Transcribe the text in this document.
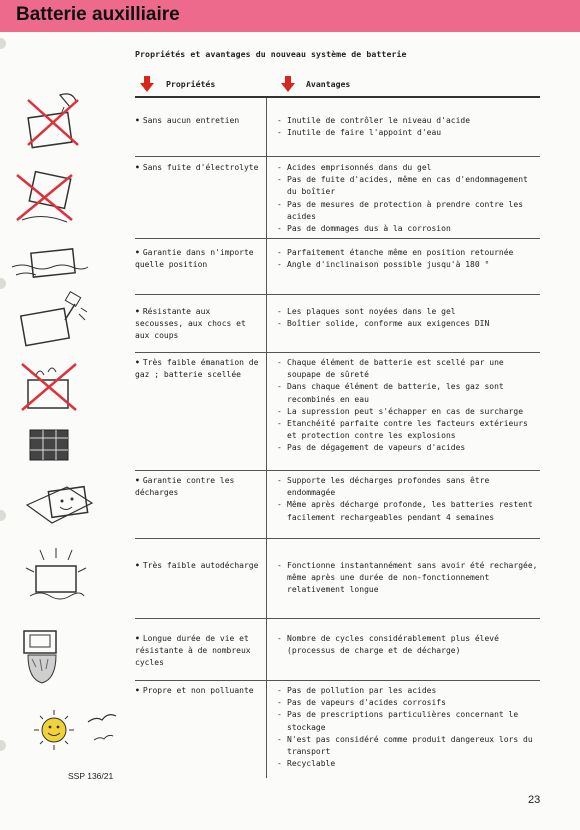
Batterie auxilliaire
Propriétés et avantages du nouveau système de batterie
Propriétés	Avantages
• Sans aucun entretien	- Inutile de contrôler le niveau d'acide
- Inutile de faire l'appoint d'eau
• Sans fuite d'électrolyte	- Acides emprisonnés dans du gel
- Pas de fuite d'acides, même en cas d'endommagement du boîtier
- Pas de mesures de protection à prendre contre les acides
- Pas de dommages dus à la corrosion
• Garantie dans n'importe quelle position
- Parfaitement étanche même en position retournée
- Angle d'inclinaison possible jusqu'à 180 °
• Résistante aux secousses, aux chocs et aux coups
- Les plaques sont noyées dans le gel
- Boîtier solide, conforme aux exigences DIN
• Très faible émanation de gaz ; batterie scellée
- Chaque élément de batterie est scellé par une soupape de sûreté
- Dans chaque élément de batterie, les gaz sont recombinés en eau
- La supression peut s'échapper en cas de surcharge
- Etanchéité parfaite contre les facteurs extérieurs et protection contre les explosions
- Pas de dégagement de vapeurs d'acides
• Garantie contre les décharges
- Supporte les décharges profondes sans être endommagée
- Même après décharge profonde, les batteries restent facilement rechargeables pendant 4 semaines
• Très faible autodécharge	- Fonctionne instantannément sans avoir été rechargée, même après une durée de non-fonctionnement relativement longue
• Longue durée de vie et résistante à de nombreux cycles
- Nombre de cycles considérablement plus élevé (processus de charge et de décharge)
• Propre et non polluante	- Pas de pollution par les acides
- Pas de vapeurs d'acides corrosifs
- Pas de prescriptions particulières concernant le stockage
- N'est pas considéré comme produit dangereux lors du transport
- Recyclable
SSP 136/21
23
